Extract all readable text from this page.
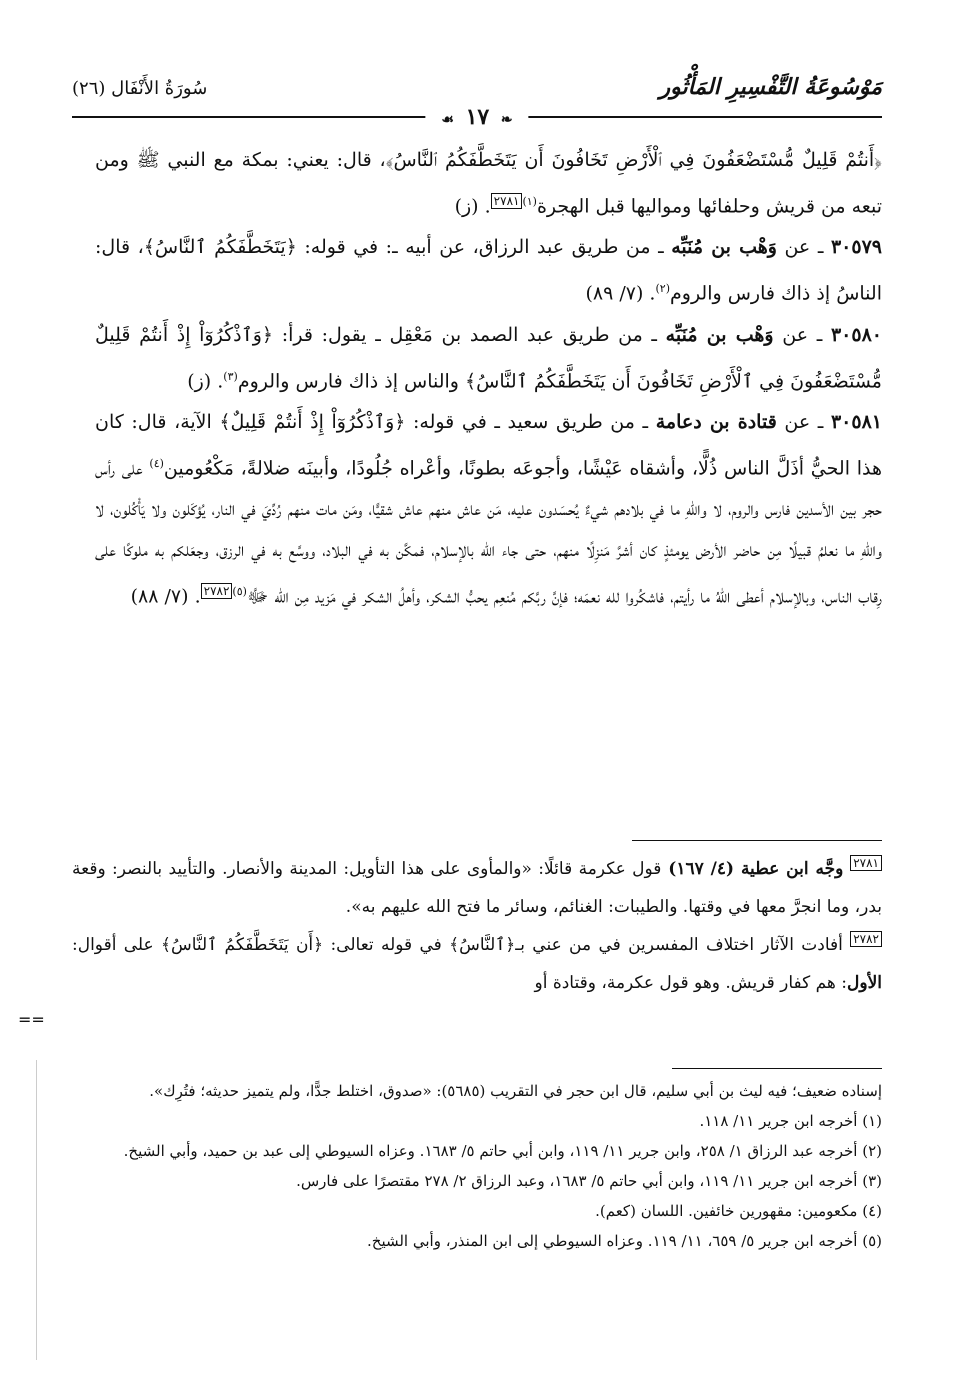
مَوْسُوعَةُ التَّفْسِيرِ المَأْثُور
سُورَةُ الأَنْفَال (٢٦)
❧ ١٧ ☙

﴿أَنتُمْ قَلِيلٌ مُّسْتَضْعَفُونَ فِي ٱلْأَرْضِ تَخَافُونَ أَن يَتَخَطَّفَكُمُ ٱلنَّاسُ﴾، قال: يعني: بمكة مع النبي ﷺ ومن تبعه من قريش وحلفائها ومواليها قبل الهجرة$^{(١)}$٢٧٨١. (ز)

٣٠٥٧٩ ـ عن وَهْب بن مُنَبِّه ـ من طريق عبد الرزاق، عن أبيه ـ: في قوله: ﴿يَتَخَطَّفَكُمُ ٱلنَّاسُ﴾، قال: الناسُ إذ ذاك فارس والروم$^{(٢)}$. (٧/ ٨٩)

٣٠٥٨٠ ـ عن وَهْب بن مُنَبِّه ـ من طريق عبد الصمد بن مَعْقِل ـ يقول: قرأ: ﴿وَٱذْكُرُوٓاْ إِذْ أَنتُمْ قَلِيلٌ مُّسْتَضْعَفُونَ فِي ٱلْأَرْضِ تَخَافُونَ أَن يَتَخَطَّفَكُمُ ٱلنَّاسُ﴾ والناس إذ ذاك فارس والروم$^{(٣)}$. (ز)

٣٠٥٨١ ـ عن قتادة بن دعامة ـ من طريق سعيد ـ في قوله: ﴿وَٱذْكُرُوٓاْ إِذْ أَنتُمْ قَلِيلٌ﴾ الآية، قال: كان هذا الحيُّ أذَلَّ الناس ذُلًّا، وأشقاه عَيْشًا، وأجوعَه بطونًا، وأعْراه جُلُودًا، وأبينَه ضلالةً، مَكْعُومين$^{(٤)}$ على رأس حجر بين الأسدين فارس والروم، لا واللهِ ما في بلادهم شيءٌ يُحسَدون عليه، مَن عاش منهم عاش شقيًّا، ومَن مات منهم رُدِّيَ في النار، يُؤكَلون ولا يَأْكُلون، لا واللهِ ما نعلمُ قبيلًا مِن حاضر الأرض يومئذٍ كان أشرَّ مَنزِلًا منهم، حتى جاء الله بالإسلام، فمكَّن به في البلاد، ووسَّع به في الرزق، وجعَلكم به ملوكًا على رِقاب الناس، وبالإسلام أعطى اللهُ ما رأيتم، فاشكُروا لله نعمَه؛ فإنَّ ربَّكم مُنعِم يحبُّ الشكر، وأهلُ الشكر في مَزيد مِن الله ﷻ$^{(٥)}$٢٧٨٢. (٧/ ٨٨)

٢٧٨١ وجَّه ابن عطية (٤/ ١٦٧) قول عكرمة قائلًا: «والمأوى على هذا التأويل: المدينة والأنصار. والتأييد بالنصر: وقعة بدر، وما انجرَّ معها في وقتها. والطيبات: الغنائم، وسائر ما فتح الله عليهم به».

٢٧٨٢ أفادت الآثار اختلاف المفسرين في من عني بـ﴿ٱلنَّاسُ﴾ في قوله تعالى: ﴿أَن يَتَخَطَّفَكُمُ ٱلنَّاسُ﴾ على أقوال: الأول: هم كفار قريش. وهو قول عكرمة، وقتادة أو

==

إسناده ضعيف؛ فيه ليث بن أبي سليم، قال ابن حجر في التقريب (٥٦٨٥): «صدوق، اختلط جدًّا، ولم يتميز حديثه؛ فتُرِك».

(١) أخرجه ابن جرير ١١/ ١١٨.

(٢) أخرجه عبد الرزاق ١/ ٢٥٨، وابن جرير ١١/ ١١٩، وابن أبي حاتم ٥/ ١٦٨٣. وعزاه السيوطي إلى عبد بن حميد، وأبي الشيخ.

(٣) أخرجه ابن جرير ١١/ ١١٩، وابن أبي حاتم ٥/ ١٦٨٣، وعبد الرزاق ٢/ ٢٧٨ مقتصرًا على فارس.

(٤) مكعومين: مقهورين خائفين. اللسان (كعم).

(٥) أخرجه ابن جرير ٥/ ٦٥٩، ١١/ ١١٩. وعزاه السيوطي إلى ابن المنذر، وأبي الشيخ.
